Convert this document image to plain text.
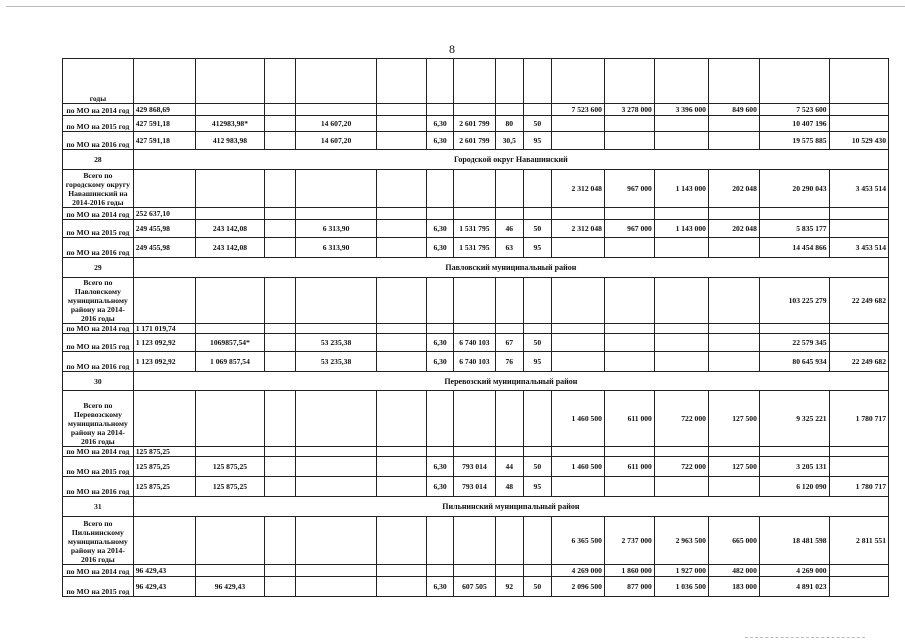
8
годы															
по МО на 2014 год	429 868,69									7 523 600	3 278 000	3 396 000	849 600	7 523 600	
по МО на 2015 год	427 591,18	412983,98*		14 607,20		6,30	2 601 799	80	50					10 407 196	
по МО на 2016 год	427 591,18	412 983,98		14 607,20		6,30	2 601 799	30,5	95					19 575 885	10 529 430
28	Городской округ Навашинский														
Всего по городскому округу Навашинский на 2014-2016 годы										2 312 048	967 000	1 143 000	202 048	20 290 043	3 453 514
по МО на 2014 год	252 637,10														
по МО на 2015 год	249 455,98	243 142,08		6 313,90		6,30	1 531 795	46	50	2 312 048	967 000	1 143 000	202 048	5 835 177	
по МО на 2016 год	249 455,98	243 142,08		6 313,90		6,30	1 531 795	63	95					14 454 866	3 453 514
29	Павловский муниципальный район														
Всего по Павловскому муниципальному району на 2014-2016 годы														103 225 279	22 249 682
по МО на 2014 год	1 171 019,74														
по МО на 2015 год	1 123 092,92	1069857,54*		53 235,38		6,30	6 740 103	67	50					22 579 345	
по МО на 2016 год	1 123 092,92	1 069 857,54		53 235,38		6,30	6 740 103	76	95					80 645 934	22 249 682
30	Перевозский муниципальный район														
Всего по Перевозскому муниципальному району на 2014-2016 годы										1 460 500	611 000	722 000	127 500	9 325 221	1 780 717
по МО на 2014 год	125 875,25														
по МО на 2015 год	125 875,25	125 875,25				6,30	793 014	44	50	1 460 500	611 000	722 000	127 500	3 205 131	
по МО на 2016 год	125 875,25	125 875,25				6,30	793 014	48	95					6 120 090	1 780 717
31	Пильнинский муниципальный район														
Всего по Пильнинскому муниципальному району на 2014-2016 годы										6 365 500	2 737 000	2 963 500	665 000	18 481 598	2 811 551
по МО на 2014 год	96 429,43									4 269 000	1 860 000	1 927 000	482 000	4 269 000	
по МО на 2015 год	96 429,43	96 429,43				6,30	607 505	92	50	2 096 500	877 000	1 036 500	183 000	4 891 023	
